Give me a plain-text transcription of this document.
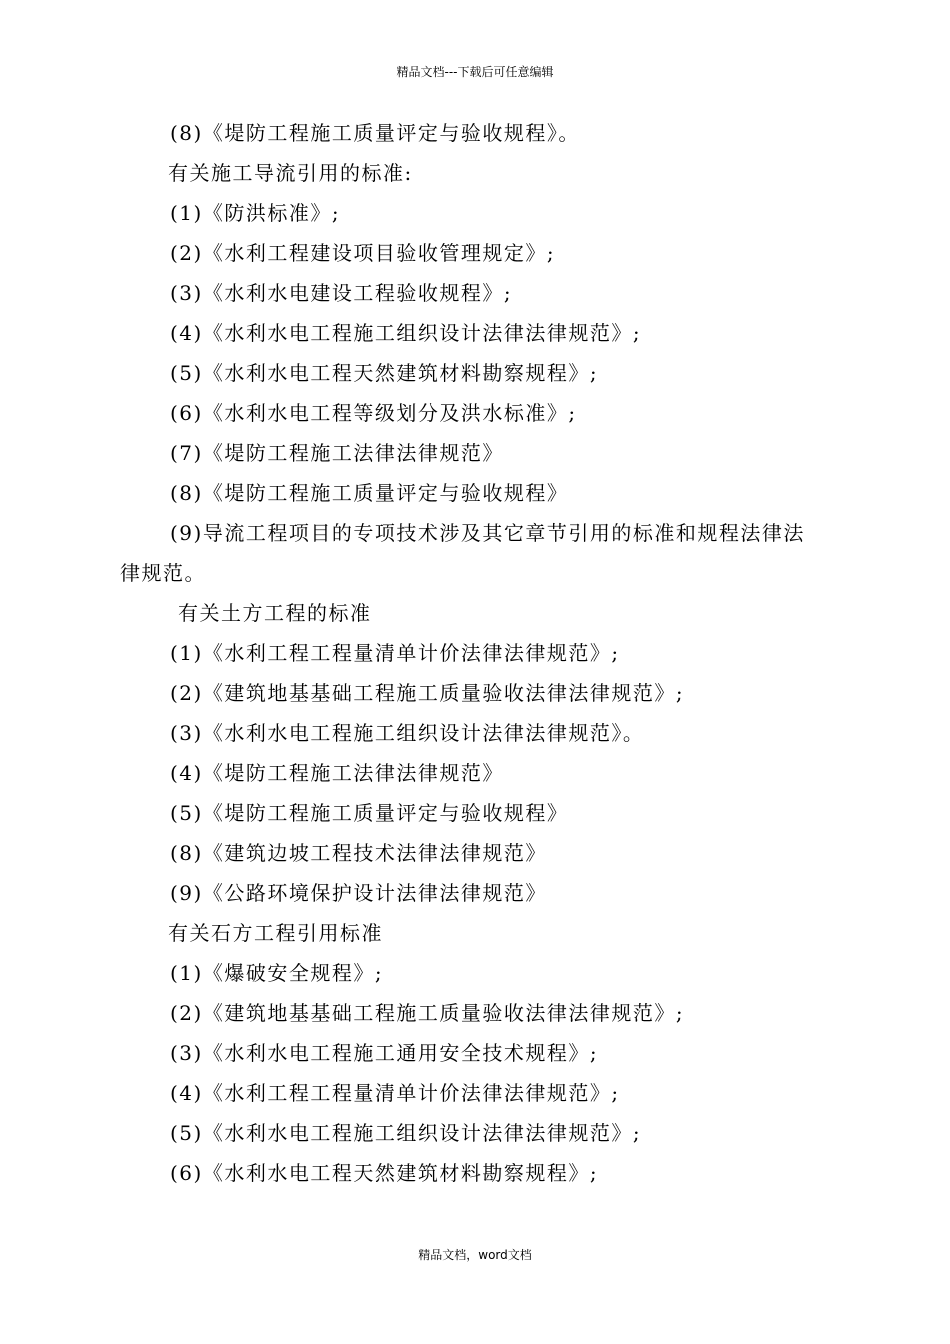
精品文档---下载后可任意编辑
(8)《堤防工程施工质量评定与验收规程》。
有关施工导流引用的标准:
(1)《防洪标准》;
(2)《水利工程建设项目验收管理规定》;
(3)《水利水电建设工程验收规程》;
(4)《水利水电工程施工组织设计法律法律规范》;
(5)《水利水电工程天然建筑材料勘察规程》;
(6)《水利水电工程等级划分及洪水标准》;
(7)《堤防工程施工法律法律规范》
(8)《堤防工程施工质量评定与验收规程》
(9)导流工程项目的专项技术涉及其它章节引用的标准和规程法律法
律规范。
有关土方工程的标准
(1)《水利工程工程量清单计价法律法律规范》;
(2)《建筑地基基础工程施工质量验收法律法律规范》;
(3)《水利水电工程施工组织设计法律法律规范》。
(4)《堤防工程施工法律法律规范》
(5)《堤防工程施工质量评定与验收规程》
(8)《建筑边坡工程技术法律法律规范》
(9)《公路环境保护设计法律法律规范》
有关石方工程引用标准
(1)《爆破安全规程》;
(2)《建筑地基基础工程施工质量验收法律法律规范》;
(3)《水利水电工程施工通用安全技术规程》;
(4)《水利工程工程量清单计价法律法律规范》;
(5)《水利水电工程施工组织设计法律法律规范》;
(6)《水利水电工程天然建筑材料勘察规程》;
精品文档，word文档
